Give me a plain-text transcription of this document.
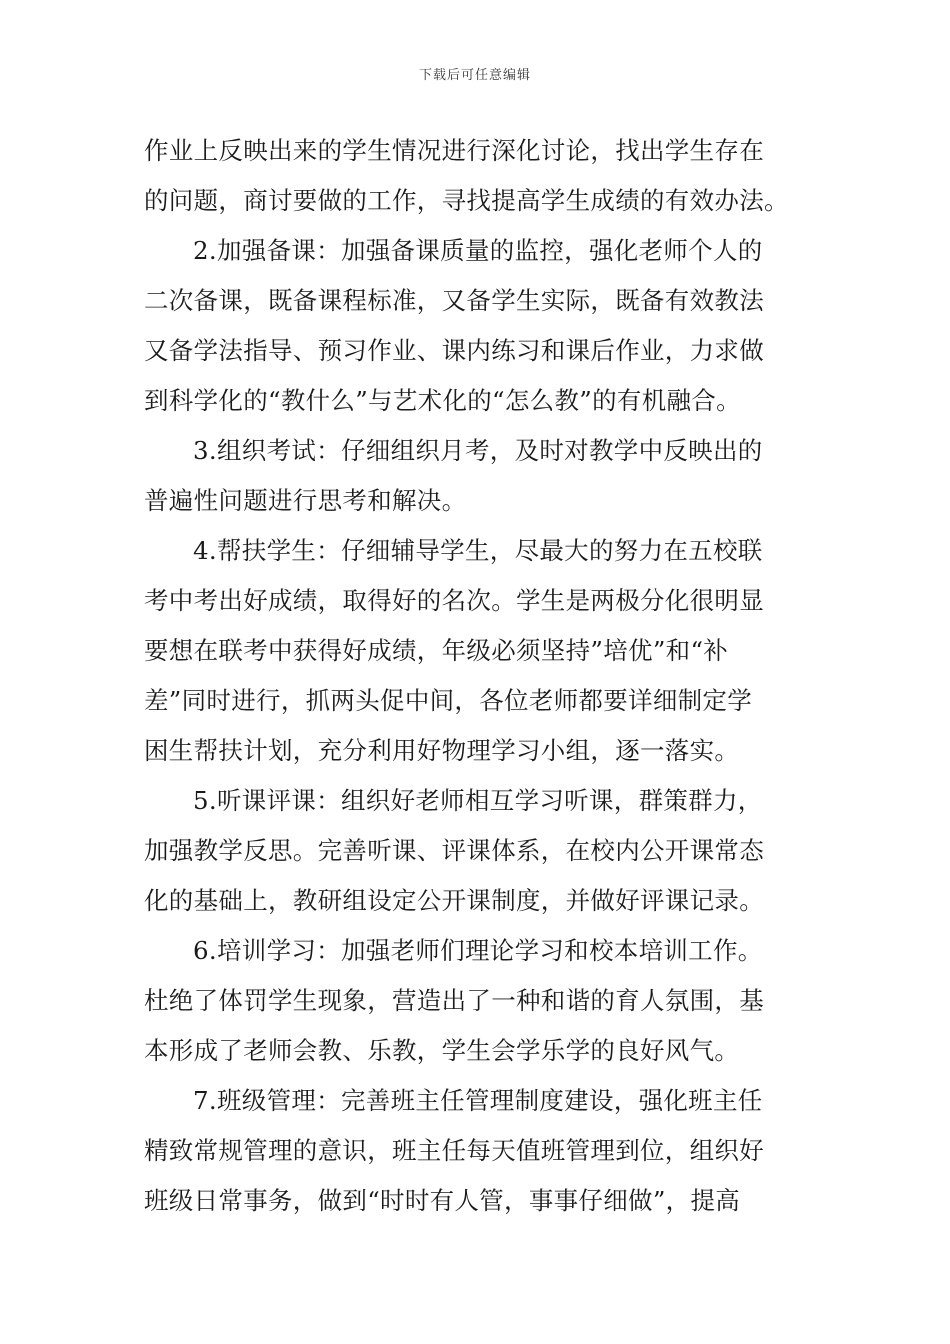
下载后可任意编辑
作业上反映出来的学生情况进行深化讨论，找出学生存在
的问题，商讨要做的工作，寻找提高学生成绩的有效办法。
2.加强备课：加强备课质量的监控，强化老师个人的
二次备课，既备课程标准，又备学生实际，既备有效教法
又备学法指导、预习作业、课内练习和课后作业，力求做
到科学化的“教什么”与艺术化的“怎么教”的有机融合。
3.组织考试：仔细组织月考，及时对教学中反映出的
普遍性问题进行思考和解决。
4.帮扶学生：仔细辅导学生，尽最大的努力在五校联
考中考出好成绩，取得好的名次。学生是两极分化很明显
要想在联考中获得好成绩，年级必须坚持”培优”和“补
差”同时进行，抓两头促中间，各位老师都要详细制定学
困生帮扶计划，充分利用好物理学习小组，逐一落实。
5.听课评课：组织好老师相互学习听课，群策群力，
加强教学反思。完善听课、评课体系，在校内公开课常态
化的基础上，教研组设定公开课制度，并做好评课记录。
6.培训学习：加强老师们理论学习和校本培训工作。
杜绝了体罚学生现象，营造出了一种和谐的育人氛围，基
本形成了老师会教、乐教，学生会学乐学的良好风气。
7.班级管理：完善班主任管理制度建设，强化班主任
精致常规管理的意识，班主任每天值班管理到位，组织好
班级日常事务，做到“时时有人管，事事仔细做”，提高
